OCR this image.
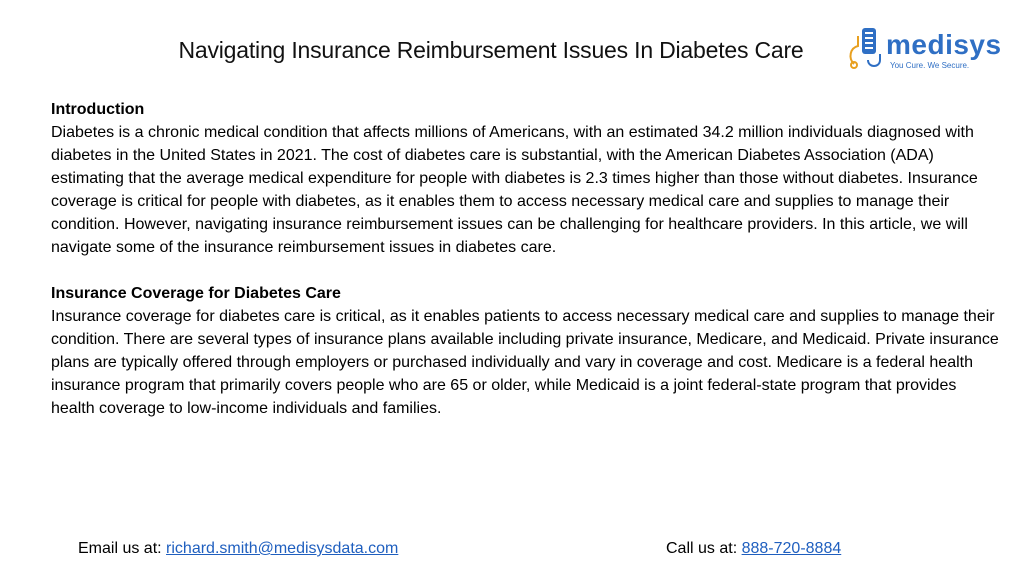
Navigating Insurance Reimbursement Issues In Diabetes Care	medisys
You Cure. We Secure.
Introduction
Diabetes is a chronic medical condition that affects millions of Americans, with an estimated 34.2 million individuals diagnosed with diabetes in the United States in 2021. The cost of diabetes care is substantial, with the American Diabetes Association (ADA) estimating that the average medical expenditure for people with diabetes is 2.3 times higher than those without diabetes. Insurance coverage is critical for people with diabetes, as it enables them to access necessary medical care and supplies to manage their condition. However, navigating insurance reimbursement issues can be challenging for healthcare providers. In this article, we will navigate some of the insurance reimbursement issues in diabetes care.
Insurance Coverage for Diabetes Care
Insurance coverage for diabetes care is critical, as it enables patients to access necessary medical care and supplies to manage their condition. There are several types of insurance plans available including private insurance, Medicare, and Medicaid. Private insurance plans are typically offered through employers or purchased individually and vary in coverage and cost. Medicare is a federal health insurance program that primarily covers people who are 65 or older, while Medicaid is a joint federal-state program that provides health coverage to low-income individuals and families.
Email us at: richard.smith@medisysdata.com	Call us at: 888-720-8884
